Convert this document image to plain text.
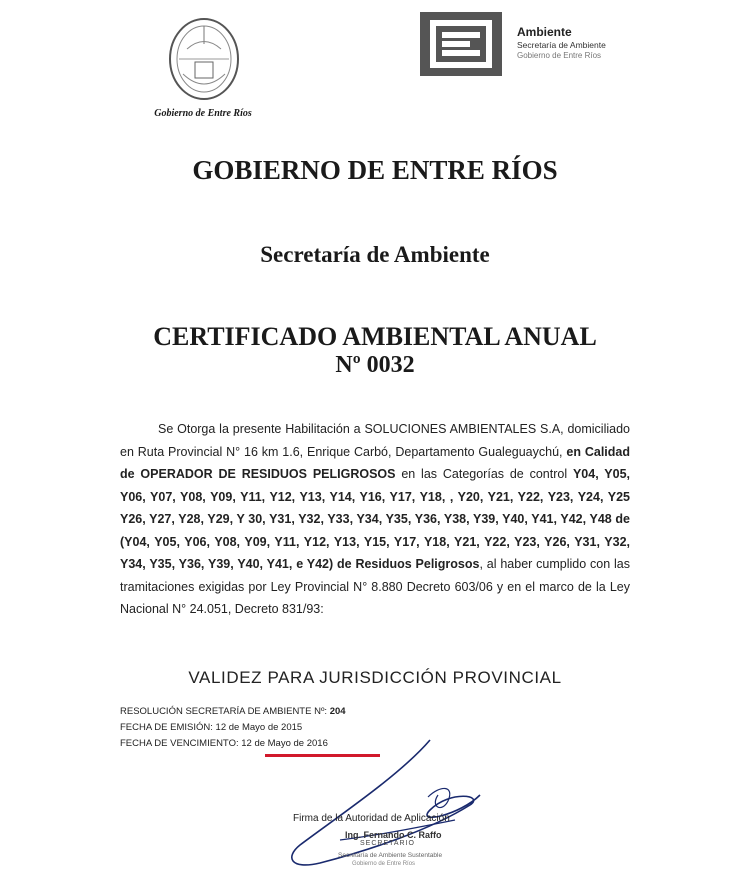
Gobierno de Entre Ríos
Ambiente
Secretaría de Ambiente
Gobierno de Entre Ríos
GOBIERNO DE ENTRE RÍOS
Secretaría de Ambiente
CERTIFICADO AMBIENTAL ANUAL
Nº 0032
Se Otorga la presente Habilitación a SOLUCIONES AMBIENTALES S.A, domiciliado en Ruta Provincial N° 16 km 1.6, Enrique Carbó, Departamento Gualeguaychú, en Calidad de OPERADOR DE RESIDUOS PELIGROSOS en las Categorías de control Y04, Y05, Y06, Y07, Y08, Y09, Y11, Y12, Y13, Y14, Y16, Y17, Y18, , Y20, Y21, Y22, Y23, Y24, Y25 Y26, Y27, Y28, Y29, Y 30, Y31, Y32, Y33, Y34, Y35, Y36, Y38, Y39, Y40, Y41, Y42, Y48 de (Y04, Y05, Y06, Y08, Y09, Y11, Y12, Y13, Y15, Y17, Y18, Y21, Y22, Y23, Y26, Y31, Y32, Y34, Y35, Y36, Y39, Y40, Y41, e Y42) de Residuos Peligrosos, al haber cumplido con las tramitaciones exigidas por Ley Provincial N° 8.880 Decreto 603/06 y en el marco de la Ley Nacional N° 24.051, Decreto 831/93:
VALIDEZ PARA JURISDICCIÓN PROVINCIAL
RESOLUCIÓN SECRETARÍA DE AMBIENTE Nº: 204
FECHA DE EMISIÓN: 12 de Mayo de 2015
FECHA DE VENCIMIENTO: 12 de Mayo de 2016
Firma de la Autoridad de Aplicación
Ing. Fernando C. Raffo
SECRETARIO
Secretaría de Ambiente Sustentable
Gobierno de Entre Ríos
